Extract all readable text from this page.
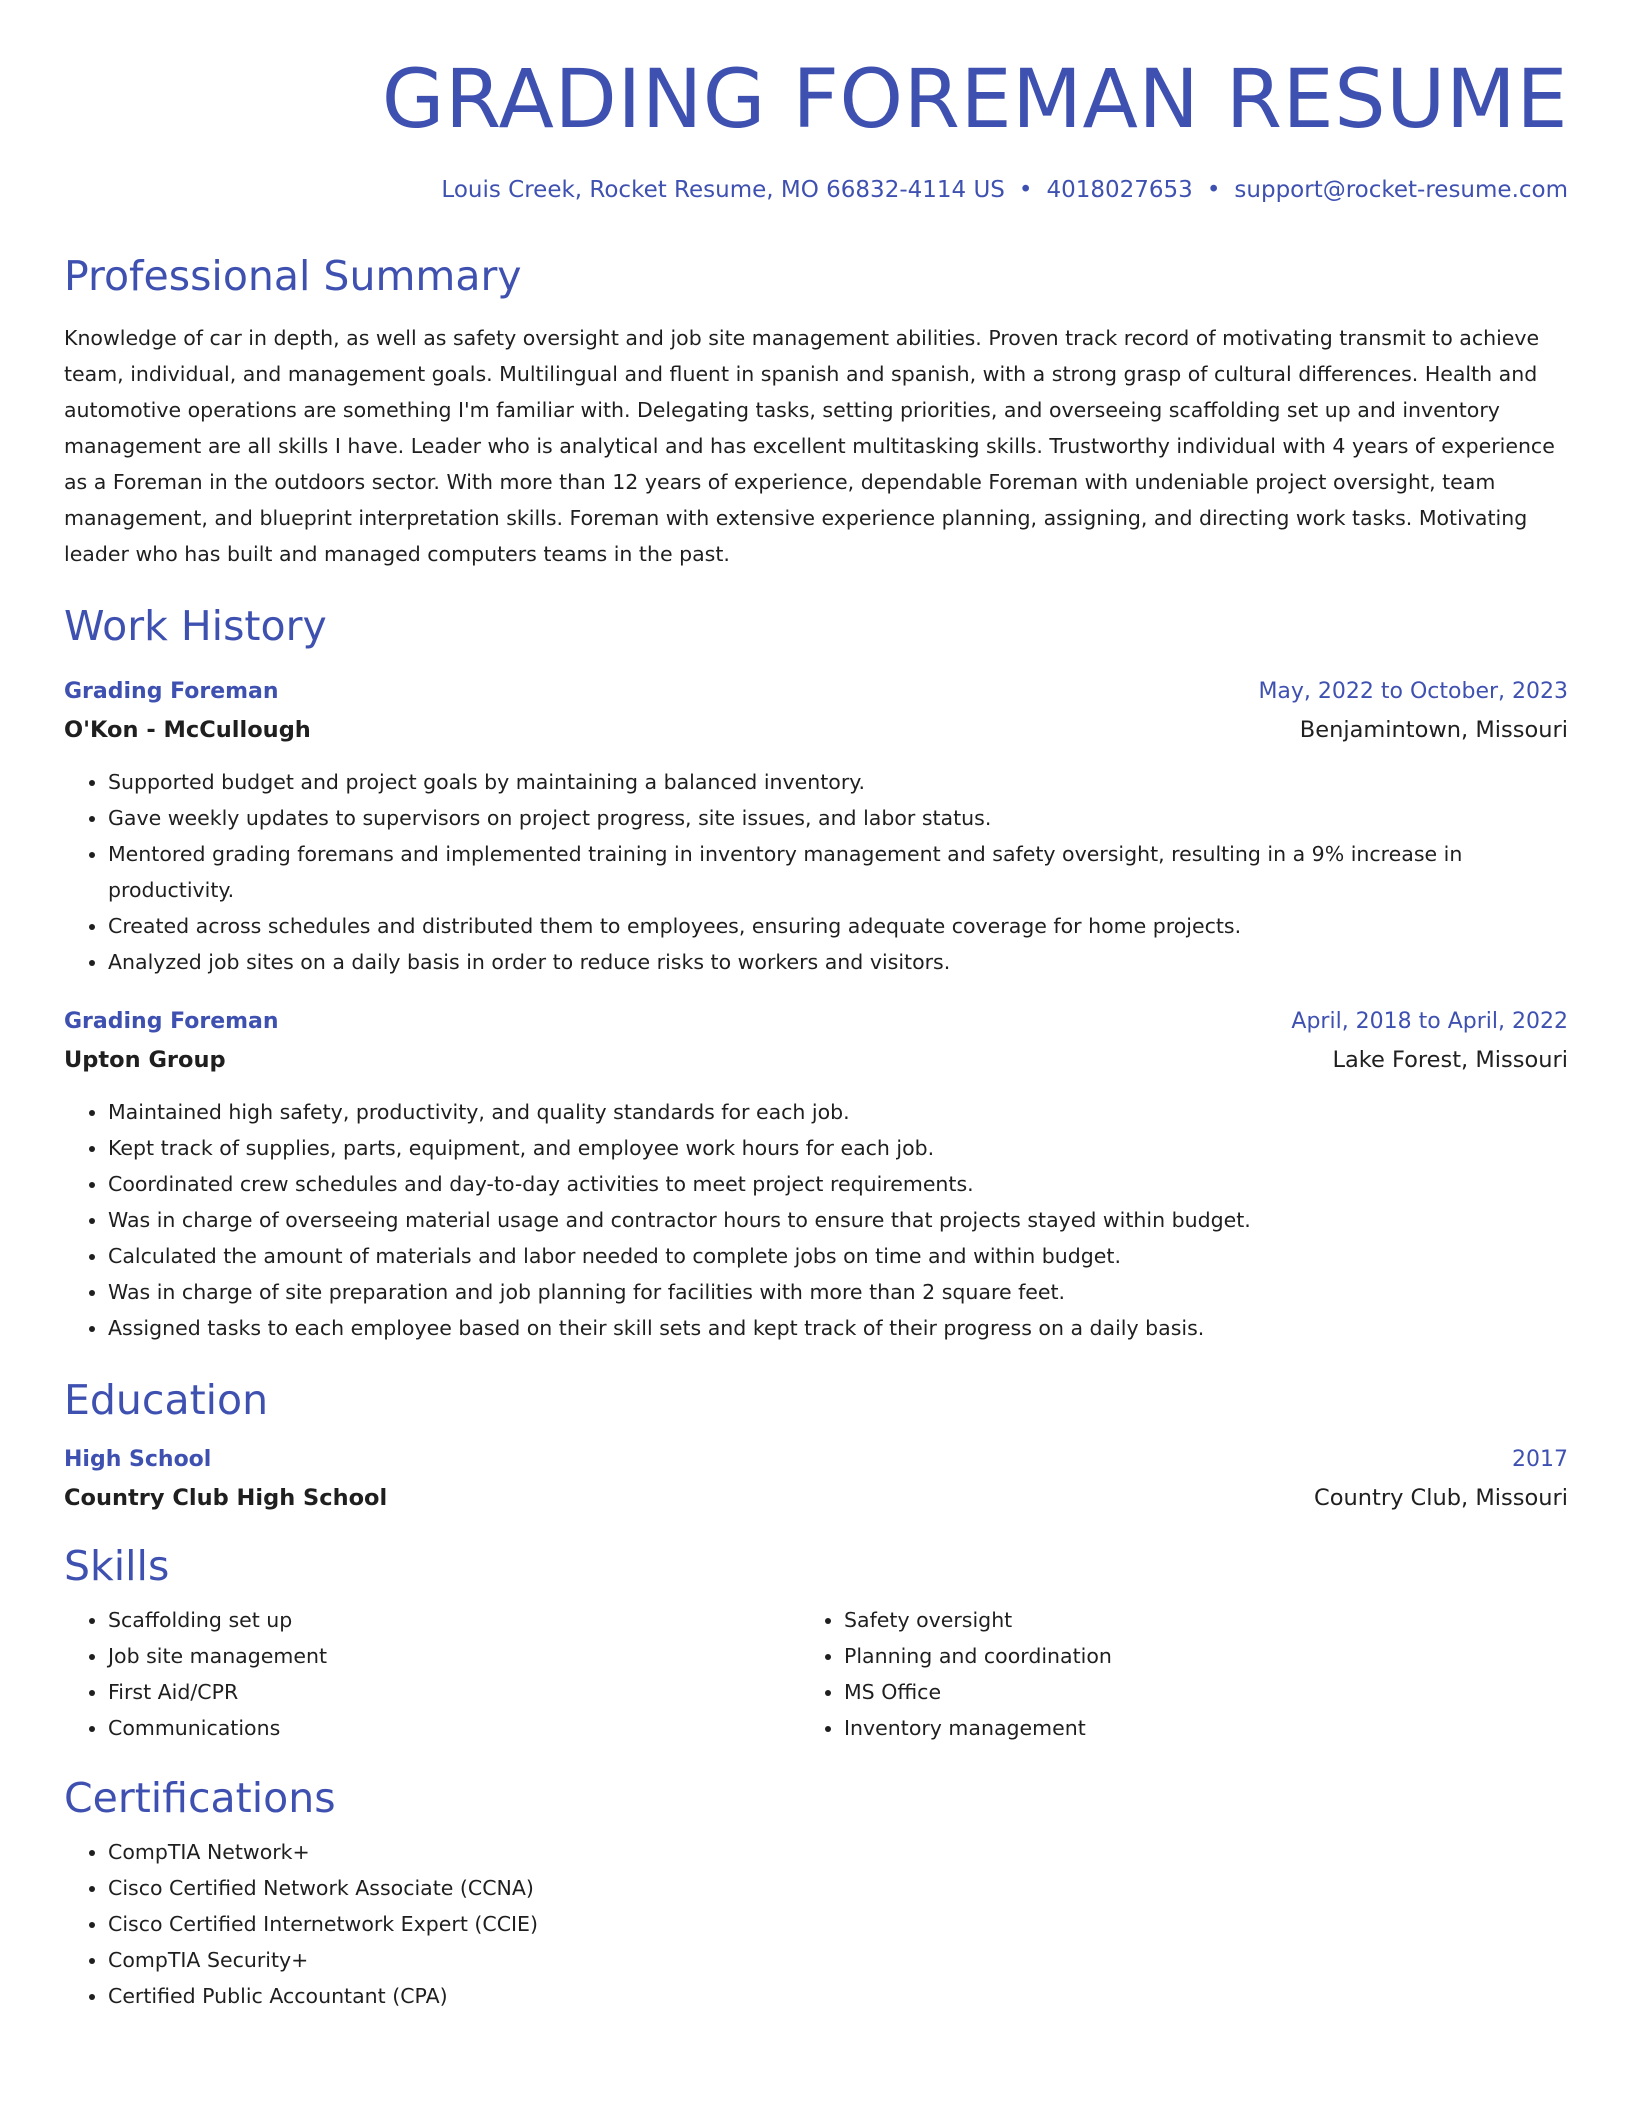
GRADING FOREMAN RESUME
Louis Creek, Rocket Resume, MO 66832-4114 US • 4018027653 • support@rocket-resume.com
Professional Summary
Knowledge of car in depth, as well as safety oversight and job site management abilities. Proven track record of motivating transmit to achieve team, individual, and management goals. Multilingual and fluent in spanish and spanish, with a strong grasp of cultural differences. Health and automotive operations are something I'm familiar with. Delegating tasks, setting priorities, and overseeing scaffolding set up and inventory management are all skills I have. Leader who is analytical and has excellent multitasking skills. Trustworthy individual with 4 years of experience as a Foreman in the outdoors sector. With more than 12 years of experience, dependable Foreman with undeniable project oversight, team management, and blueprint interpretation skills. Foreman with extensive experience planning, assigning, and directing work tasks. Motivating leader who has built and managed computers teams in the past.
Work History
Grading Foreman	May, 2022 to October, 2023
O'Kon - McCullough	Benjamintown, Missouri
• Supported budget and project goals by maintaining a balanced inventory.
• Gave weekly updates to supervisors on project progress, site issues, and labor status.
• Mentored grading foremans and implemented training in inventory management and safety oversight, resulting in a 9% increase in productivity.
• Created across schedules and distributed them to employees, ensuring adequate coverage for home projects.
• Analyzed job sites on a daily basis in order to reduce risks to workers and visitors.
Grading Foreman	April, 2018 to April, 2022
Upton Group	Lake Forest, Missouri
• Maintained high safety, productivity, and quality standards for each job.
• Kept track of supplies, parts, equipment, and employee work hours for each job.
• Coordinated crew schedules and day-to-day activities to meet project requirements.
• Was in charge of overseeing material usage and contractor hours to ensure that projects stayed within budget.
• Calculated the amount of materials and labor needed to complete jobs on time and within budget.
• Was in charge of site preparation and job planning for facilities with more than 2 square feet.
• Assigned tasks to each employee based on their skill sets and kept track of their progress on a daily basis.
Education
High School	2017
Country Club High School	Country Club, Missouri
Skills
• Scaffolding set up
• Job site management
• First Aid/CPR
• Communications
• Safety oversight
• Planning and coordination
• MS Office
• Inventory management
Certifications
• CompTIA Network+
• Cisco Certified Network Associate (CCNA)
• Cisco Certified Internetwork Expert (CCIE)
• CompTIA Security+
• Certified Public Accountant (CPA)
